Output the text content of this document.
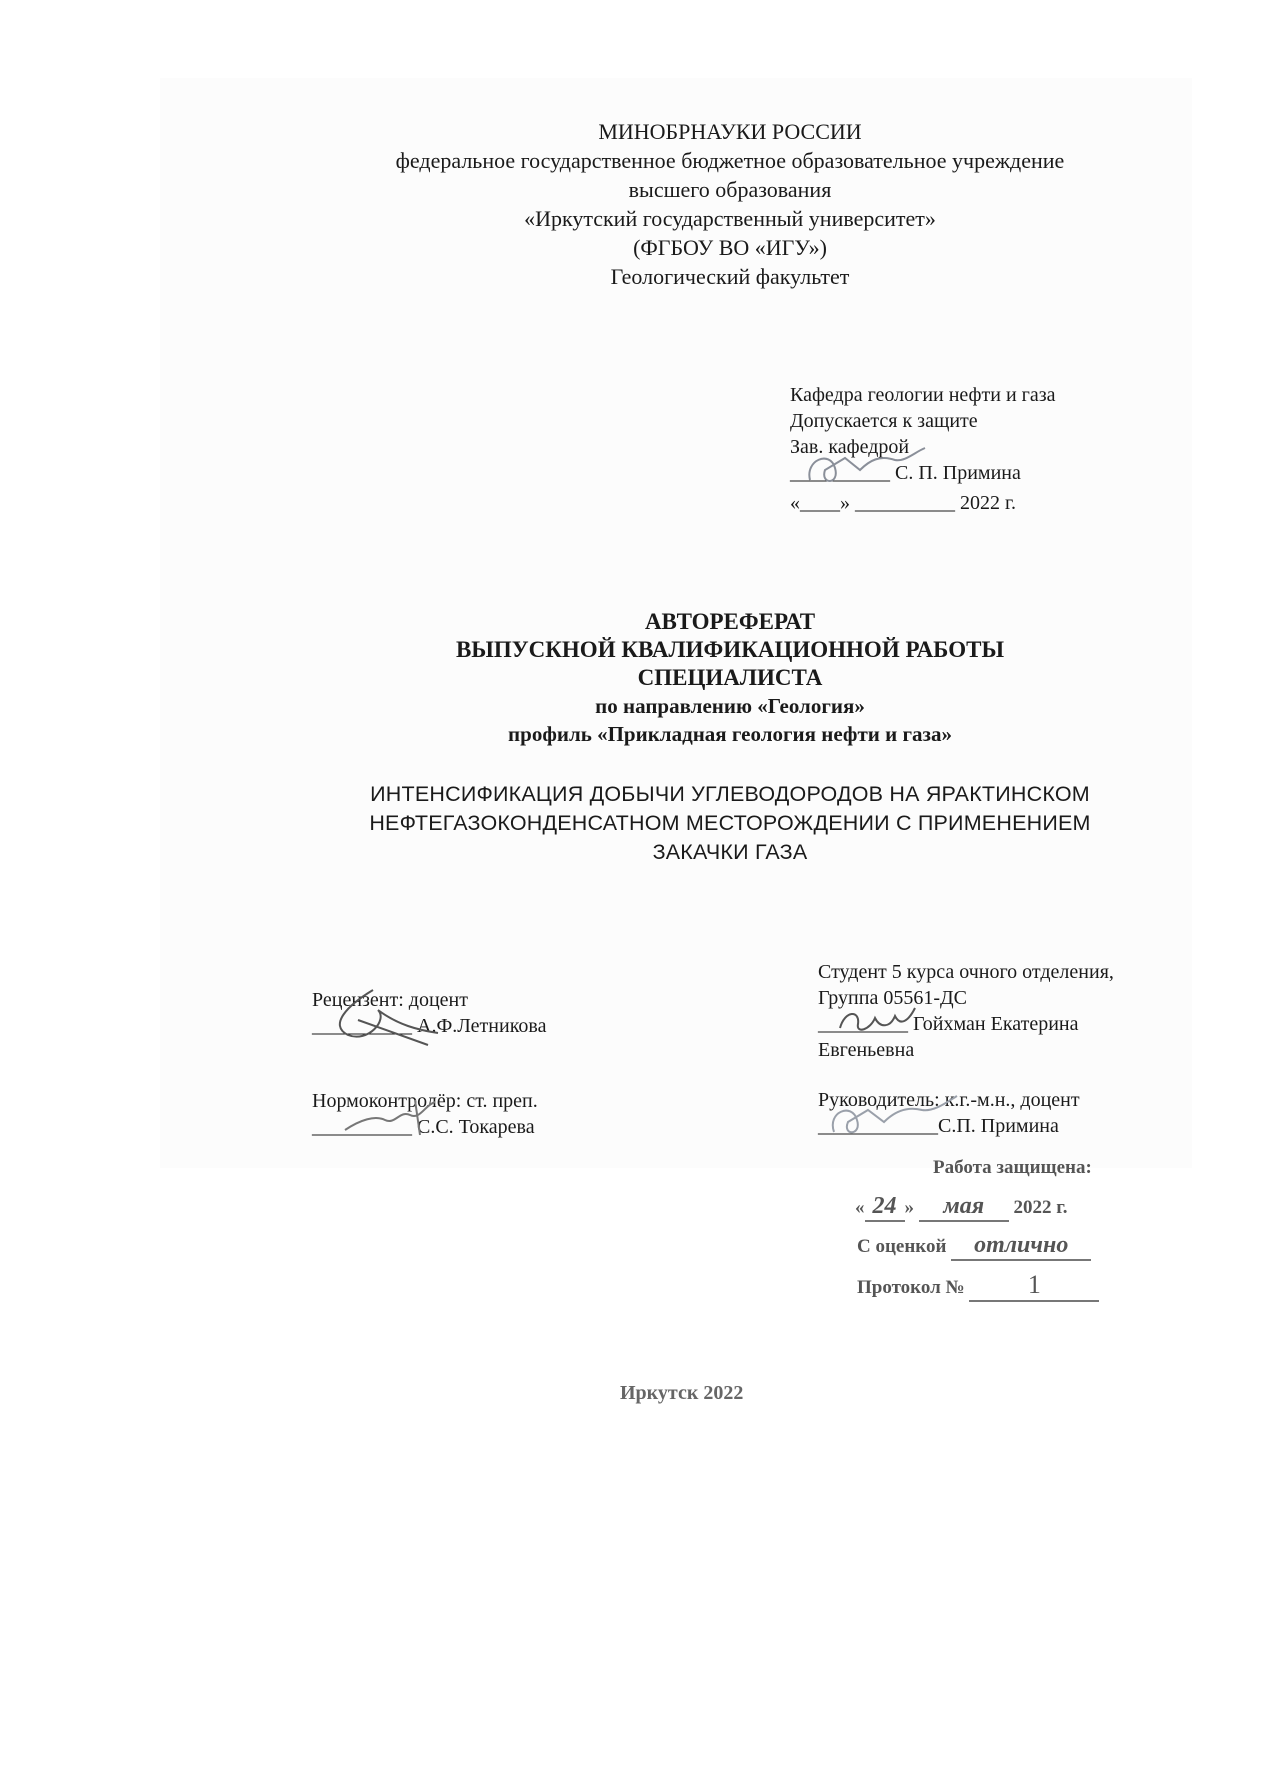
МИНОБРНАУКИ РОССИИ
федеральное государственное бюджетное образовательное учреждение
высшего образования
«Иркутский государственный университет»
(ФГБОУ ВО «ИГУ»)
Геологический факультет
Кафедра геологии нефти и газа
Допускается к защите
Зав. кафедрой
__________ С. П. Примина
«____» __________ 2022 г.
АВТОРЕФЕРАТ
ВЫПУСКНОЙ КВАЛИФИКАЦИОННОЙ РАБОТЫ
СПЕЦИАЛИСТА
по направлению «Геология»
профиль «Прикладная геология нефти и газа»
ИНТЕНСИФИКАЦИЯ ДОБЫЧИ УГЛЕВОДОРОДОВ НА ЯРАКТИНСКОМ
НЕФТЕГАЗОКОНДЕНСАТНОМ МЕСТОРОЖДЕНИИ С ПРИМЕНЕНИЕМ
ЗАКАЧКИ ГАЗА
Рецензент: доцент
__________ А.Ф.Летникова
Нормоконтролёр: ст. преп.
__________ С.С. Токарева
Студент 5 курса очного отделения,
Группа 05561-ДС
_________ Гойхман Екатерина
Евгеньевна
Руководитель: к.г.-м.н., доцент
____________С.П. Примина
Работа защищена:
« 24 » мая 2022 г.
С оценкой отлично
Протокол № 1
Иркутск 2022
